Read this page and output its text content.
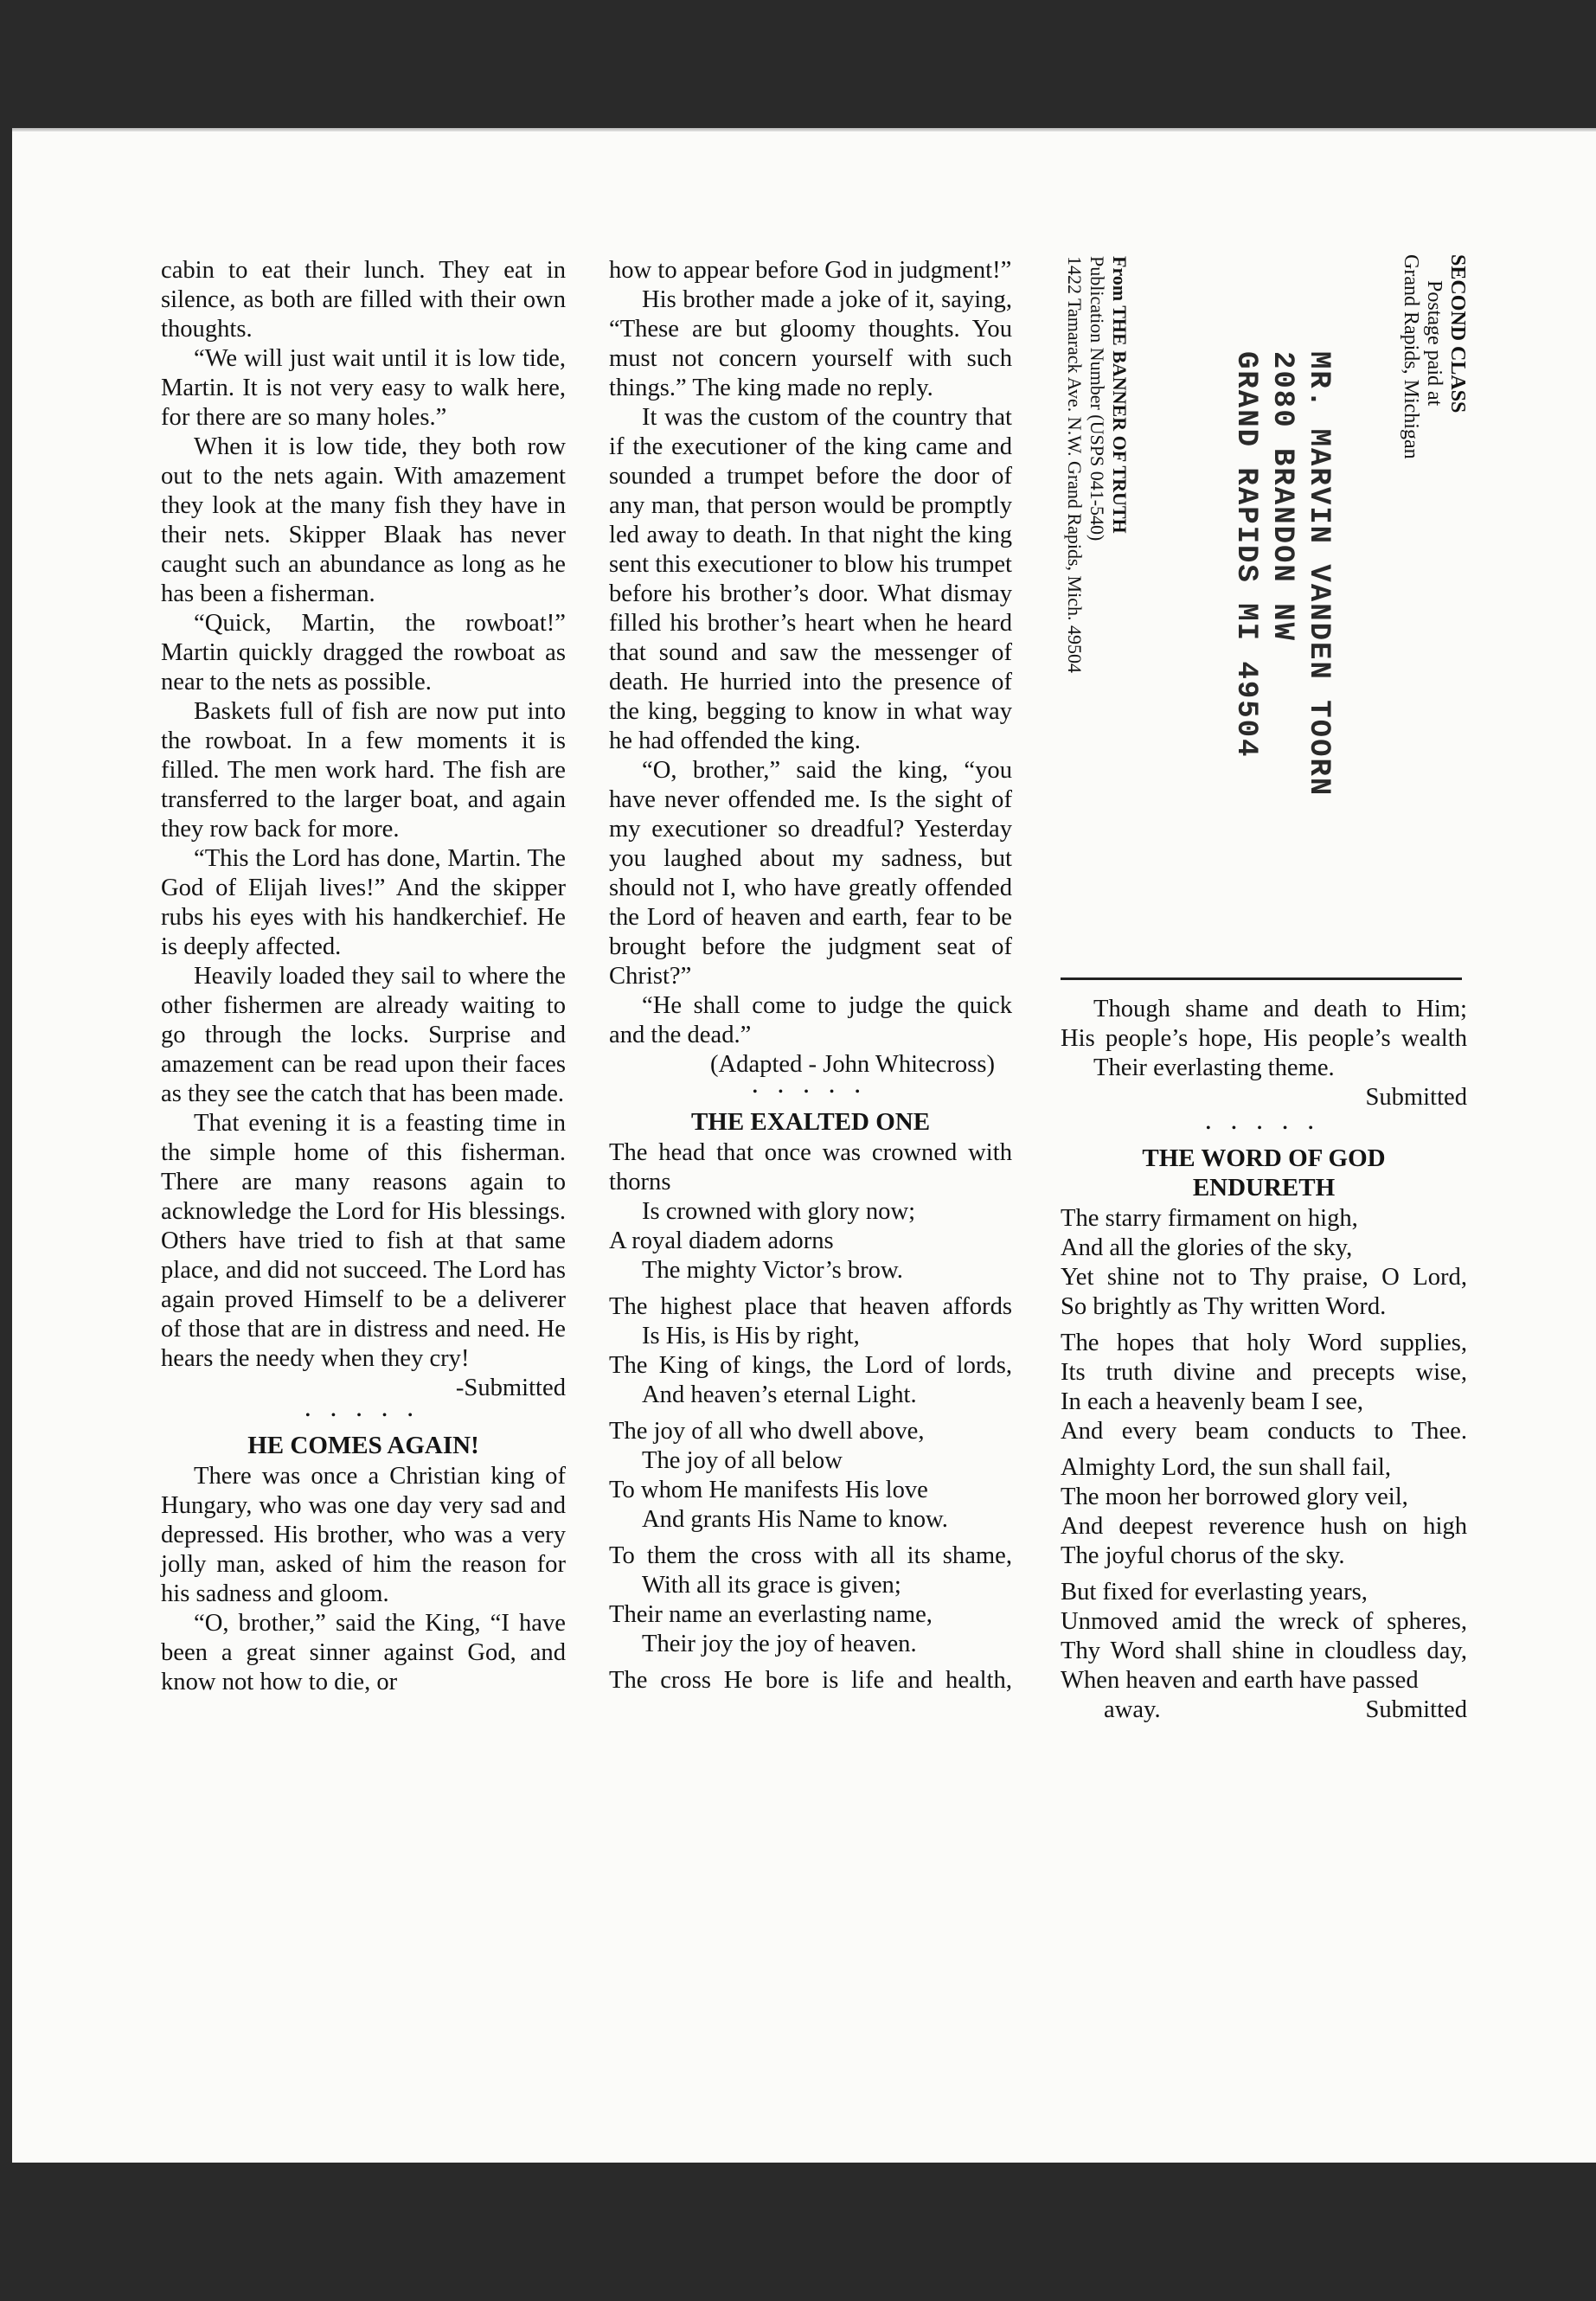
cabin to eat their lunch. They eat in silence, as both are filled with their own thoughts.

“We will just wait until it is low tide, Martin. It is not very easy to walk here, for there are so many holes.”

When it is low tide, they both row out to the nets again. With amazement they look at the many fish they have in their nets. Skipper Blaak has never caught such an abundance as long as he has been a fisherman.

“Quick, Martin, the rowboat!” Martin quickly dragged the rowboat as near to the nets as possible.

Baskets full of fish are now put into the rowboat. In a few moments it is filled. The men work hard. The fish are transferred to the larger boat, and again they row back for more.

“This the Lord has done, Martin. The God of Elijah lives!” And the skipper rubs his eyes with his handkerchief. He is deeply affected.

Heavily loaded they sail to where the other fishermen are already waiting to go through the locks. Surprise and amazement can be read upon their faces as they see the catch that has been made.

That evening it is a feasting time in the simple home of this fisherman. There are many reasons again to acknowledge the Lord for His blessings. Others have tried to fish at that same place, and did not succeed. The Lord has again proved Himself to be a deliverer of those that are in distress and need. He hears the needy when they cry!

-Submitted

• • • • •
HE COMES AGAIN!

There was once a Christian king of Hungary, who was one day very sad and depressed. His brother, who was a very jolly man, asked of him the reason for his sadness and gloom.

“O, brother,” said the King, “I have been a great sinner against God, and know not how to die, or

how to appear before God in judgment!”

His brother made a joke of it, saying, “These are but gloomy thoughts. You must not concern yourself with such things.” The king made no reply.

It was the custom of the country that if the executioner of the king came and sounded a trumpet before the door of any man, that person would be promptly led away to death. In that night the king sent this executioner to blow his trumpet before his brother’s door. What dismay filled his brother’s heart when he heard that sound and saw the messenger of death. He hurried into the presence of the king, begging to know in what way he had offended the king.

“O, brother,” said the king, “you have never offended me. Is the sight of my executioner so dreadful? Yesterday you laughed about my sadness, but should not I, who have greatly offended the Lord of heaven and earth, fear to be brought before the judgment seat of Christ?”

“He shall come to judge the quick and the dead.”

(Adapted - John Whitecross)

• • • • •
THE EXALTED ONE
The head that once was crowned with thorns
Is crowned with glory now;
A royal diadem adorns
The mighty Victor’s brow.
The highest place that heaven affords
Is His, is His by right,
The King of kings, the Lord of lords,
And heaven’s eternal Light.
The joy of all who dwell above,
The joy of all below
To whom He manifests His love
And grants His Name to know.
To them the cross with all its shame,
With all its grace is given;
Their name an everlasting name,
Their joy the joy of heaven.
The cross He bore is life and health,
SECOND CLASS
Postage paid at
Grand Rapids, Michigan
MR. MARVIN VANDEN TOORN
2080 BRANDON NW
GRAND RAPIDS MI 49504
From THE BANNER OF TRUTH
Publication Number (USPS 041-540)
1422 Tamarack Ave. N.W. Grand Rapids, Mich. 49504
Though shame and death to Him;
His people’s hope, His people’s wealth
Their everlasting theme.
Submitted
• • • • •
THE WORD OF GOD
ENDURETH
The starry firmament on high,
And all the glories of the sky,
Yet shine not to Thy praise, O Lord,
So brightly as Thy written Word.
The hopes that holy Word supplies,
Its truth divine and precepts wise,
In each a heavenly beam I see,
And every beam conducts to Thee.
Almighty Lord, the sun shall fail,
The moon her borrowed glory veil,
And deepest reverence hush on high
The joyful chorus of the sky.
But fixed for everlasting years,
Unmoved amid the wreck of spheres,
Thy Word shall shine in cloudless day,
When heaven and earth have passed away.	Submitted
